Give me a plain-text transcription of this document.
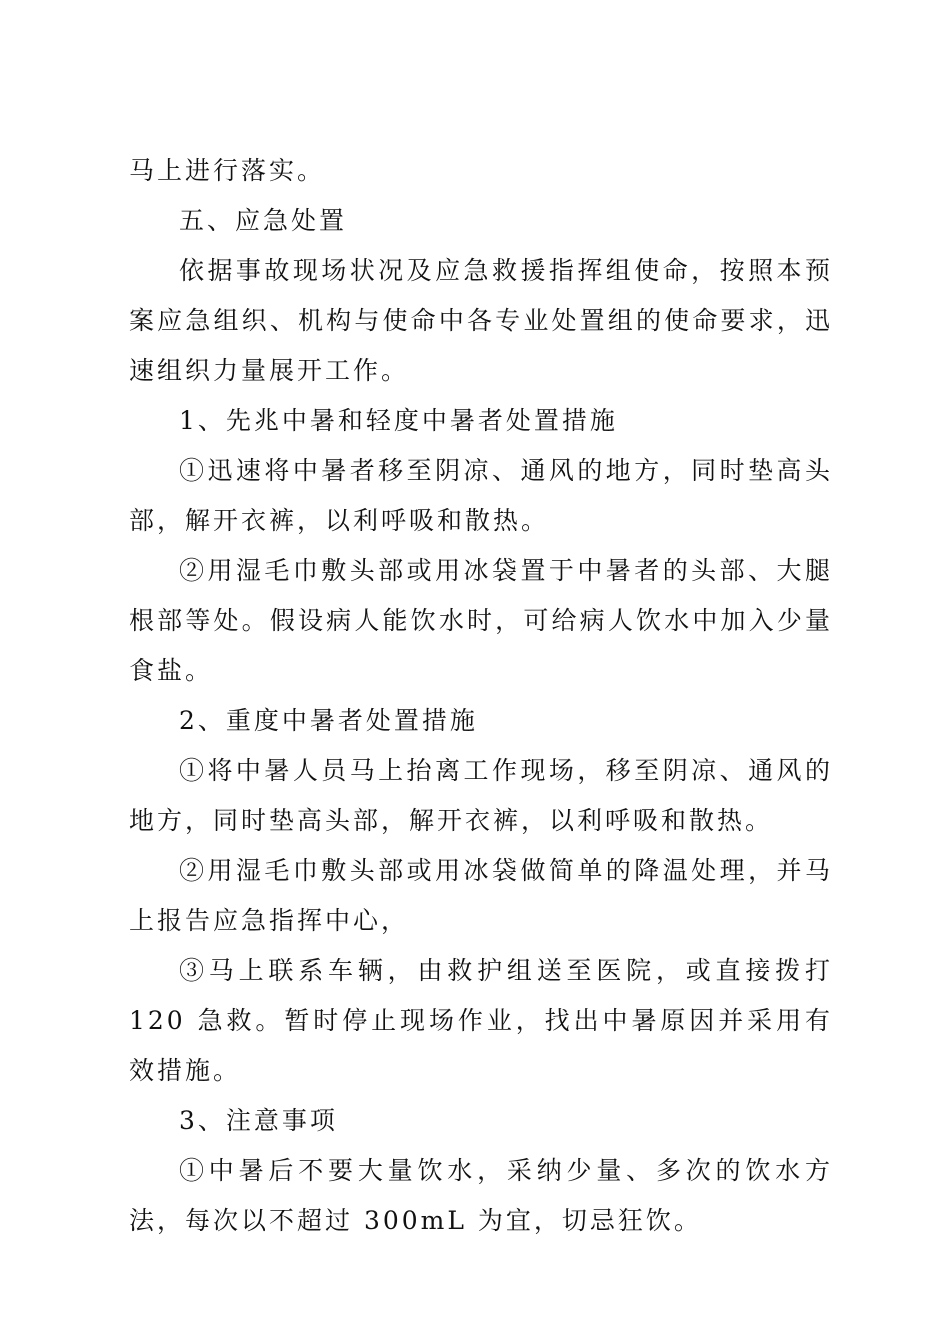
马上进行落实。

五、应急处置

依据事故现场状况及应急救援指挥组使命，按照本预案应急组织、机构与使命中各专业处置组的使命要求，迅速组织力量展开工作。

1、先兆中暑和轻度中暑者处置措施

①迅速将中暑者移至阴凉、通风的地方，同时垫高头部，解开衣裤，以利呼吸和散热。

②用湿毛巾敷头部或用冰袋置于中暑者的头部、大腿根部等处。假设病人能饮水时，可给病人饮水中加入少量食盐。

2、重度中暑者处置措施

①将中暑人员马上抬离工作现场，移至阴凉、通风的地方，同时垫高头部，解开衣裤，以利呼吸和散热。

②用湿毛巾敷头部或用冰袋做简单的降温处理，并马上报告应急指挥中心，

③马上联系车辆，由救护组送至医院，或直接拨打 120 急救。暂时停止现场作业，找出中暑原因并采用有效措施。

3、注意事项

①中暑后不要大量饮水，采纳少量、多次的饮水方法，每次以不超过 300mL 为宜，切忌狂饮。
